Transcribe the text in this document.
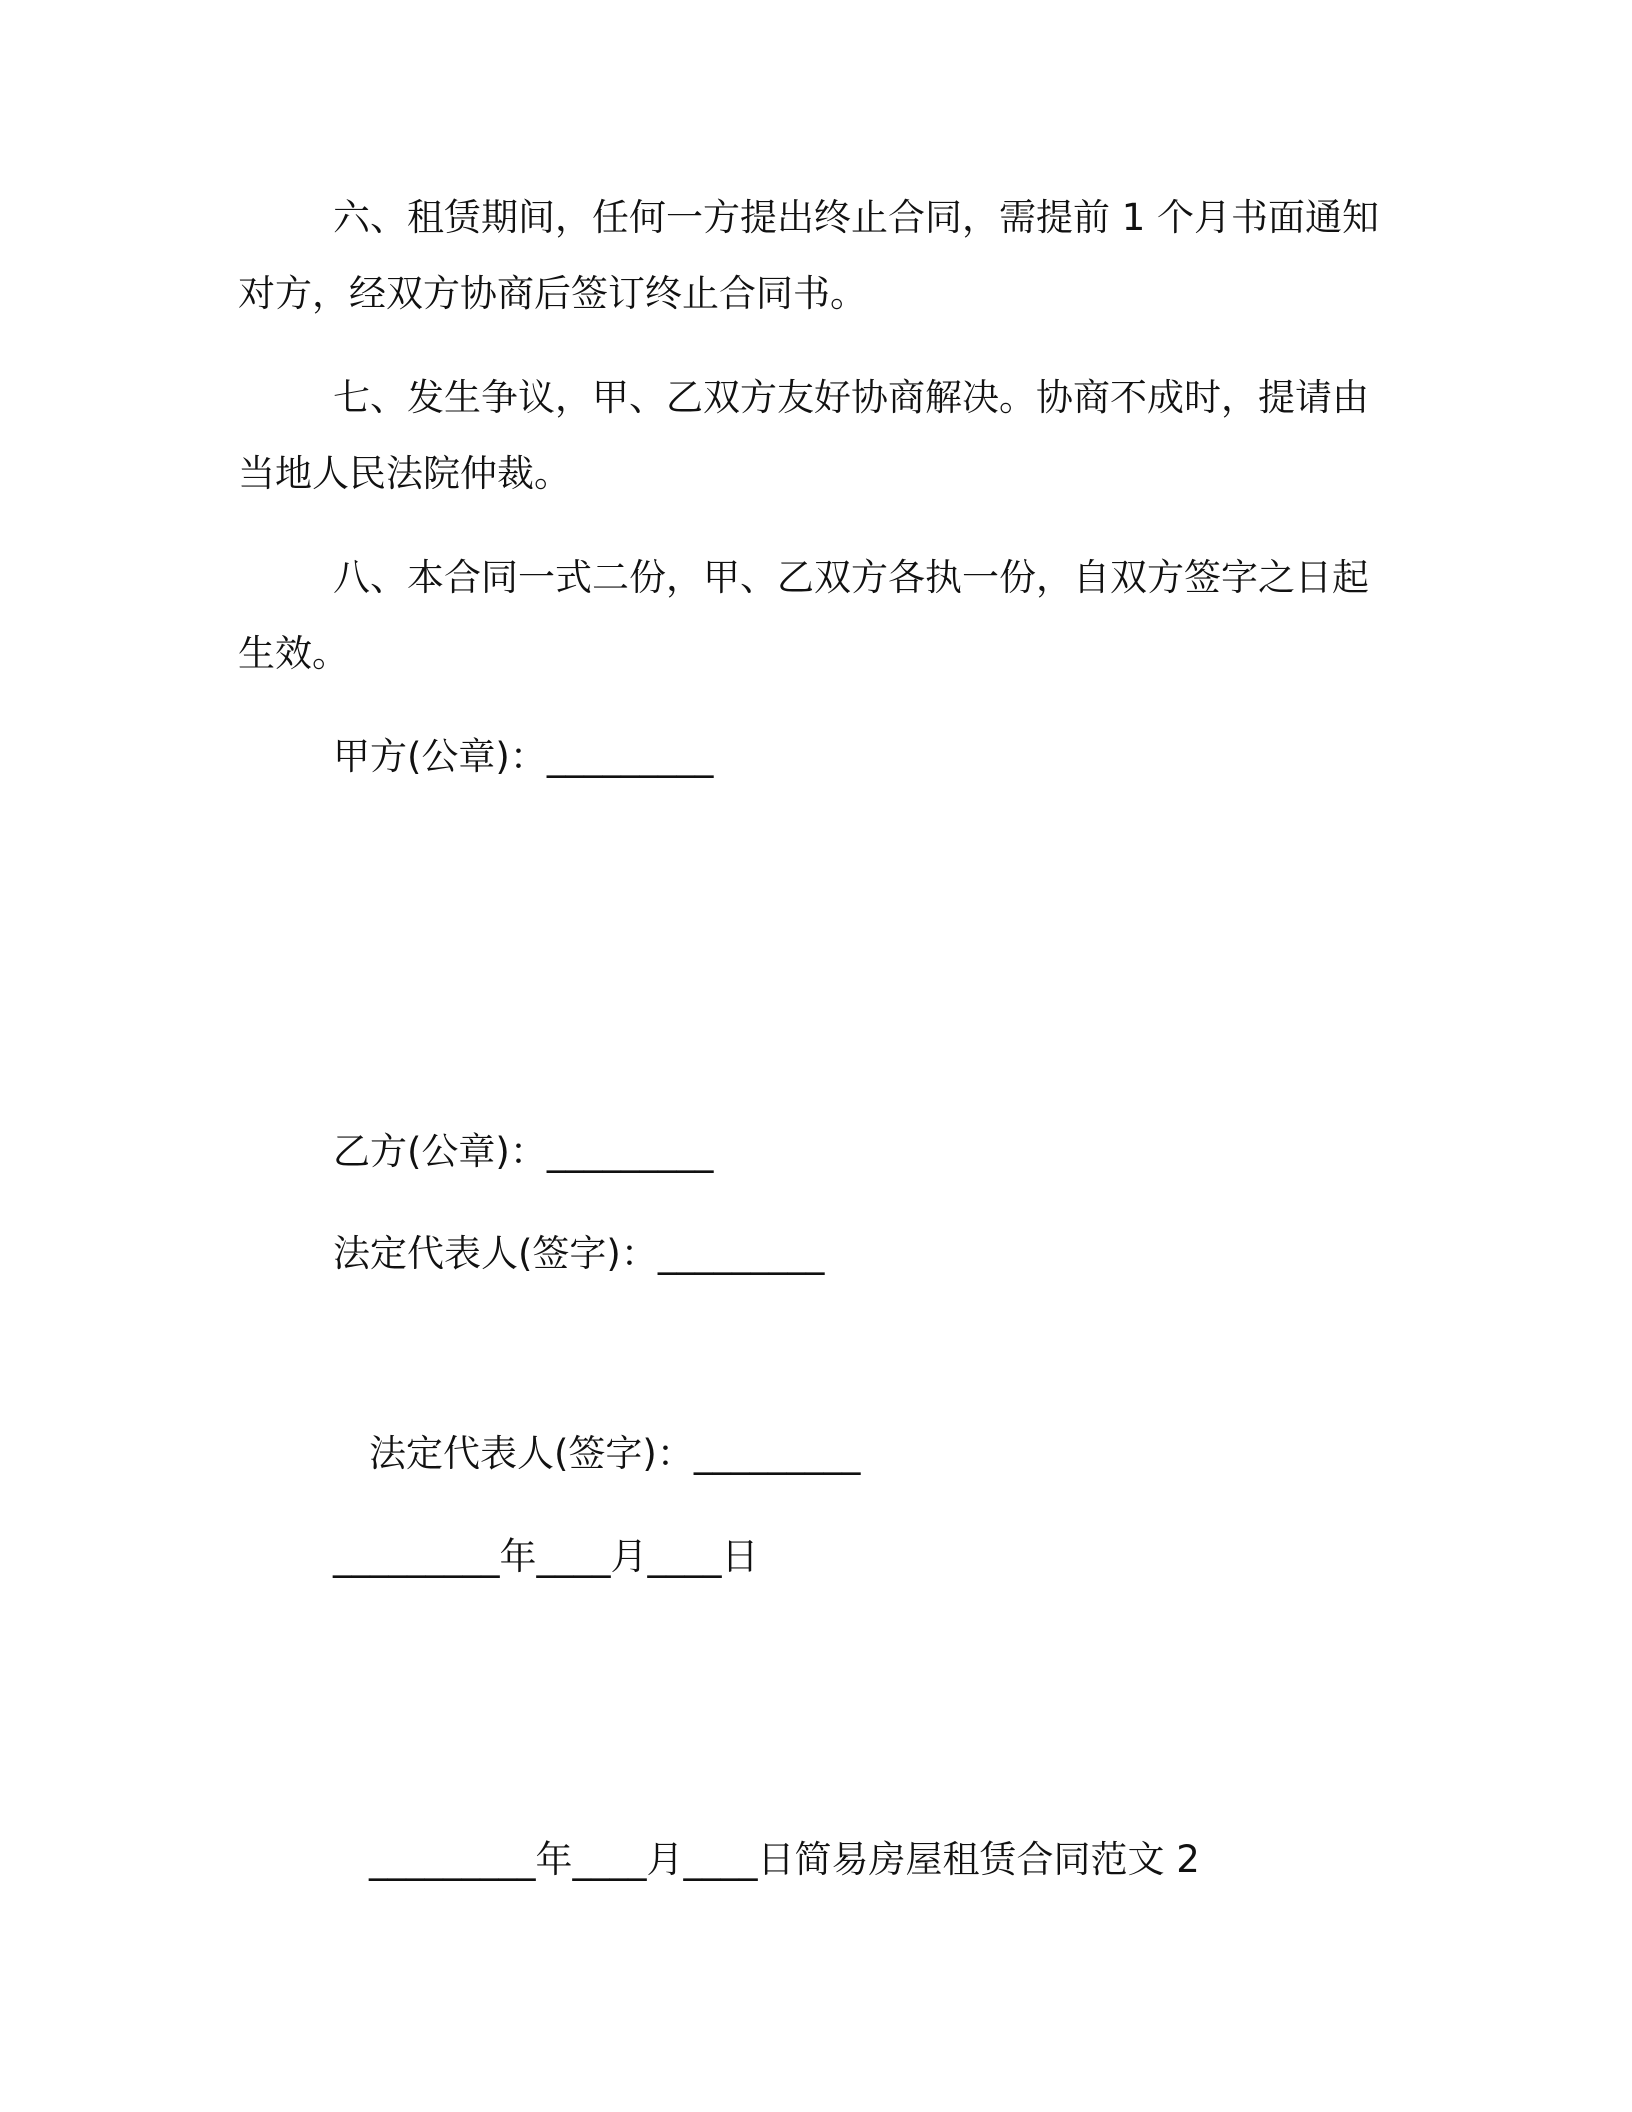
六、租赁期间，任何一方提出终止合同，需提前 1 个月书面通知
对方，经双方协商后签订终止合同书。
七、发生争议，甲、乙双方友好协商解决。协商不成时，提请由
当地人民法院仲裁。
八、本合同一式二份，甲、乙双方各执一份，自双方签字之日起
生效。
甲方(公章)：_________
乙方(公章)：_________
法定代表人(签字)：_________
法定代表人(签字)：_________
_________年____月____日
_________年____月____日简易房屋租赁合同范文 2
